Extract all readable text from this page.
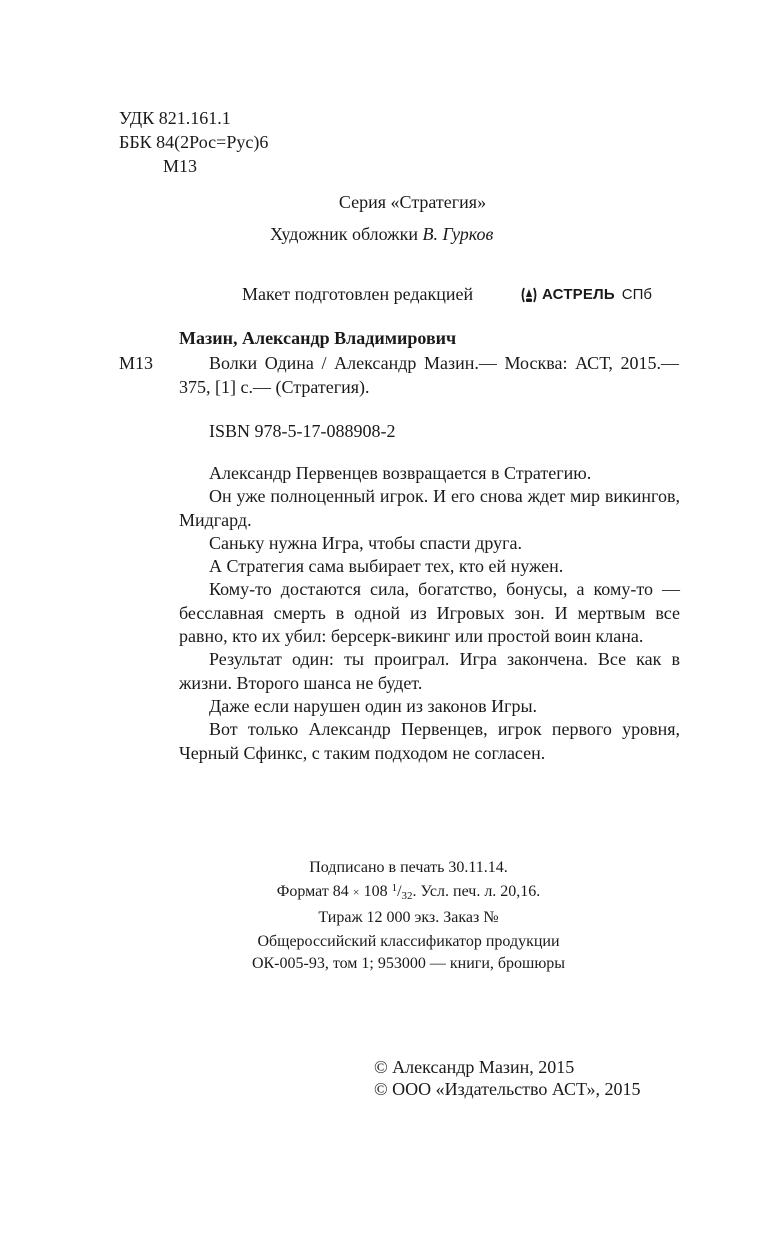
УДК 821.161.1
ББК 84(2Рос=Рус)6
М13
Серия «Стратегия»
Художник обложки В. Гурков
Макет подготовлен редакцией	АСТРЕЛЬ СПб
Мазин, Александр Владимирович
М13	Волки Одина / Александр Мазин.— Москва: АСТ, 2015.— 375, [1] с.— (Стратегия).
ISBN 978-5-17-088908-2

Александр Первенцев возвращается в Стратегию.

Он уже полноценный игрок. И его снова ждет мир викингов, Мидгард.

Саньку нужна Игра, чтобы спасти друга.

А Стратегия сама выбирает тех, кто ей нужен.

Кому-то достаются сила, богатство, бонусы, а кому-то — бесславная смерть в одной из Игровых зон. И мертвым все равно, кто их убил: берсерк-викинг или простой воин клана.

Результат один: ты проиграл. Игра закончена. Все как в жизни. Второго шанса не будет.

Даже если нарушен один из законов Игры.

Вот только Александр Первенцев, игрок первого уровня, Черный Сфинкс, с таким подходом не согласен.

Подписано в печать 30.11.14.
Формат 84 × 108 $^1/_{32}$. Усл. печ. л. 20,16.
Тираж 12 000 экз. Заказ №
Общероссийский классификатор продукции
ОК-005-93, том 1; 953000 — книги, брошюры
© Александр Мазин, 2015
© ООО «Издательство АСТ», 2015
